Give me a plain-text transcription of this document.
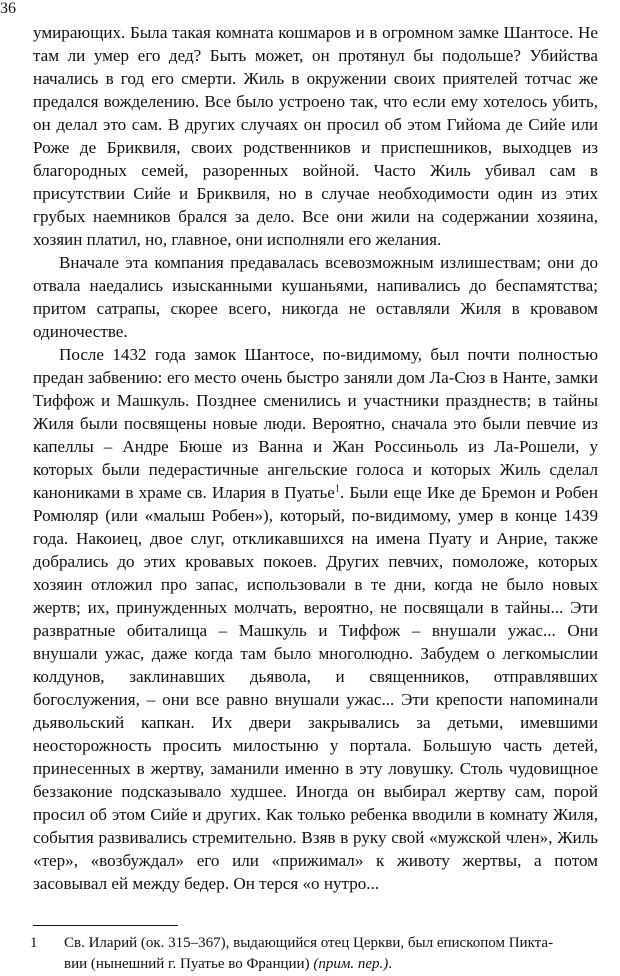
36

умирающих. Была такая комната кошмаров и в огромном замке Шантосе. Не там ли умер его дед? Быть может, он протянул бы подольше? Убийства начались в год его смерти. Жиль в окружении своих приятелей тотчас же предался вожделению. Все было устроено так, что если ему хотелось убить, он делал это сам. В других случаях он просил об этом Гийома де Сийе или Роже де Бриквиля, своих родственников и приспешников, выходцев из благородных семей, разоренных войной. Часто Жиль убивал сам в присутствии Сийе и Бриквиля, но в случае необходимости один из этих грубых наемников брался за дело. Все они жили на содержании хозяина, хозяин платил, но, главное, они исполняли его желания.

Вначале эта компания предавалась всевозможным излишествам; они до отвала наедались изысканными кушаньями, напивались до беспамятства; притом сатрапы, скорее всего, никогда не оставляли Жиля в кровавом одиночестве.

После 1432 года замок Шантосе, по-видимому, был почти полностью предан забвению: его место очень быстро заняли дом Ла-Сюз в Нанте, замки Тиффож и Машкуль. Позднее сменились и участники празднеств; в тайны Жиля были посвящены новые люди. Вероятно, сначала это были певчие из капеллы – Андре Бюше из Ванна и Жан Россиньоль из Ла-Рошели, у которых были педерастичные ангельские голоса и которых Жиль сделал канониками в храме св. Илария в Пуатье$^1$. Были еще Ике де Бремон и Робен Ромюляр (или «малыш Робен»), который, по-видимому, умер в конце 1439 года. Накоиец, двое слуг, откликавшихся на имена Пуату и Анрие, также добрались до этих кровавых покоев. Других певчих, помоложе, которых хозяин отложил про запас, использовали в те дни, когда не было новых жертв; их, принужденных молчать, вероятно, не посвящали в тайны... Эти развратные обиталища – Машкуль и Тиффож – внушали ужас... Они внушали ужас, даже когда там было многолюдно. Забудем о легкомыслии колдунов, заклинавших дьявола, и священников, отправлявших богослужения, – они все равно внушали ужас... Эти крепости напоминали дьявольский капкан. Их двери закрывались за детьми, имевшими неосторожность просить милостыню у портала. Большую часть детей, принесенных в жертву, заманили именно в эту ловушку. Столь чудовищное беззаконие подсказывало худшее. Иногда он выбирал жертву сам, порой просил об этом Сийе и других. Как только ребенка вводили в комнату Жиля, события развивались стремительно. Взяв в руку свой «мужской член», Жиль «тер», «возбуждал» его или «прижимал» к животу жертвы, а потом засовывал ей между бедер. Он терся «о нутро...

1 Св. Иларий (ок. 315–367), выдающийся отец Церкви, был епископом Пикта-
вии (нынешний г. Пуатье во Франции) (прим. пер.).
